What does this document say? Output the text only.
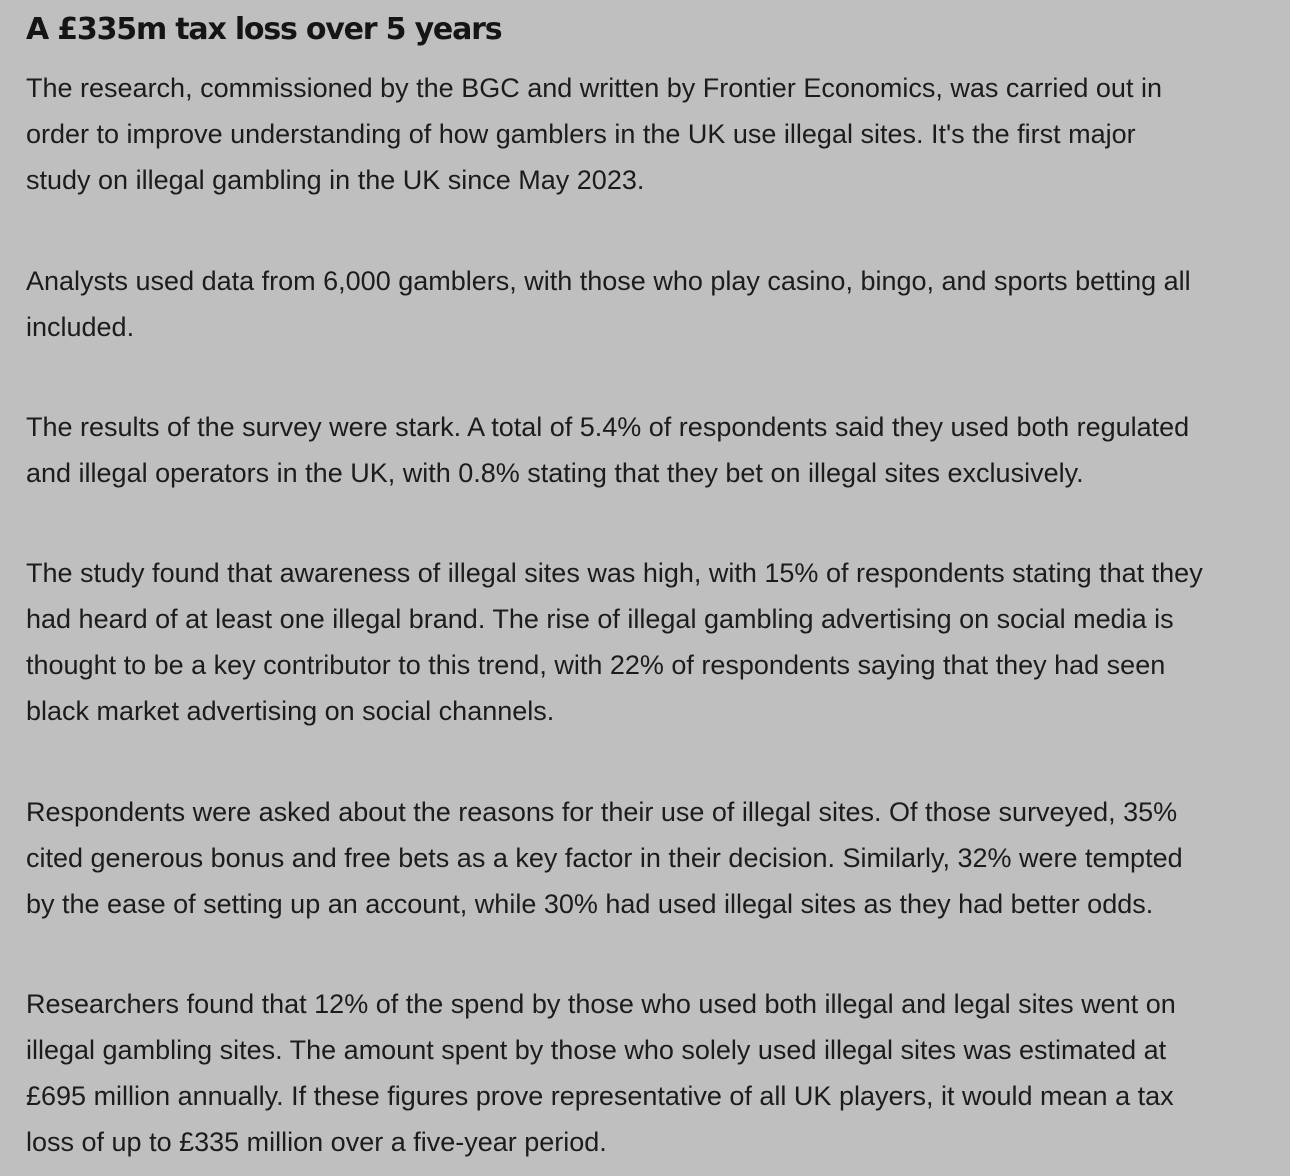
A £335m tax loss over 5 years

The research, commissioned by the BGC and written by Frontier Economics, was carried out in
order to improve understanding of how gamblers in the UK use illegal sites. It's the first major
study on illegal gambling in the UK since May 2023.

Analysts used data from 6,000 gamblers, with those who play casino, bingo, and sports betting all
included.

The results of the survey were stark. A total of 5.4% of respondents said they used both regulated
and illegal operators in the UK, with 0.8% stating that they bet on illegal sites exclusively.

The study found that awareness of illegal sites was high, with 15% of respondents stating that they
had heard of at least one illegal brand. The rise of illegal gambling advertising on social media is
thought to be a key contributor to this trend, with 22% of respondents saying that they had seen
black market advertising on social channels.

Respondents were asked about the reasons for their use of illegal sites. Of those surveyed, 35%
cited generous bonus and free bets as a key factor in their decision. Similarly, 32% were tempted
by the ease of setting up an account, while 30% had used illegal sites as they had better odds.

Researchers found that 12% of the spend by those who used both illegal and legal sites went on
illegal gambling sites. The amount spent by those who solely used illegal sites was estimated at
£695 million annually. If these figures prove representative of all UK players, it would mean a tax
loss of up to £335 million over a five-year period.
